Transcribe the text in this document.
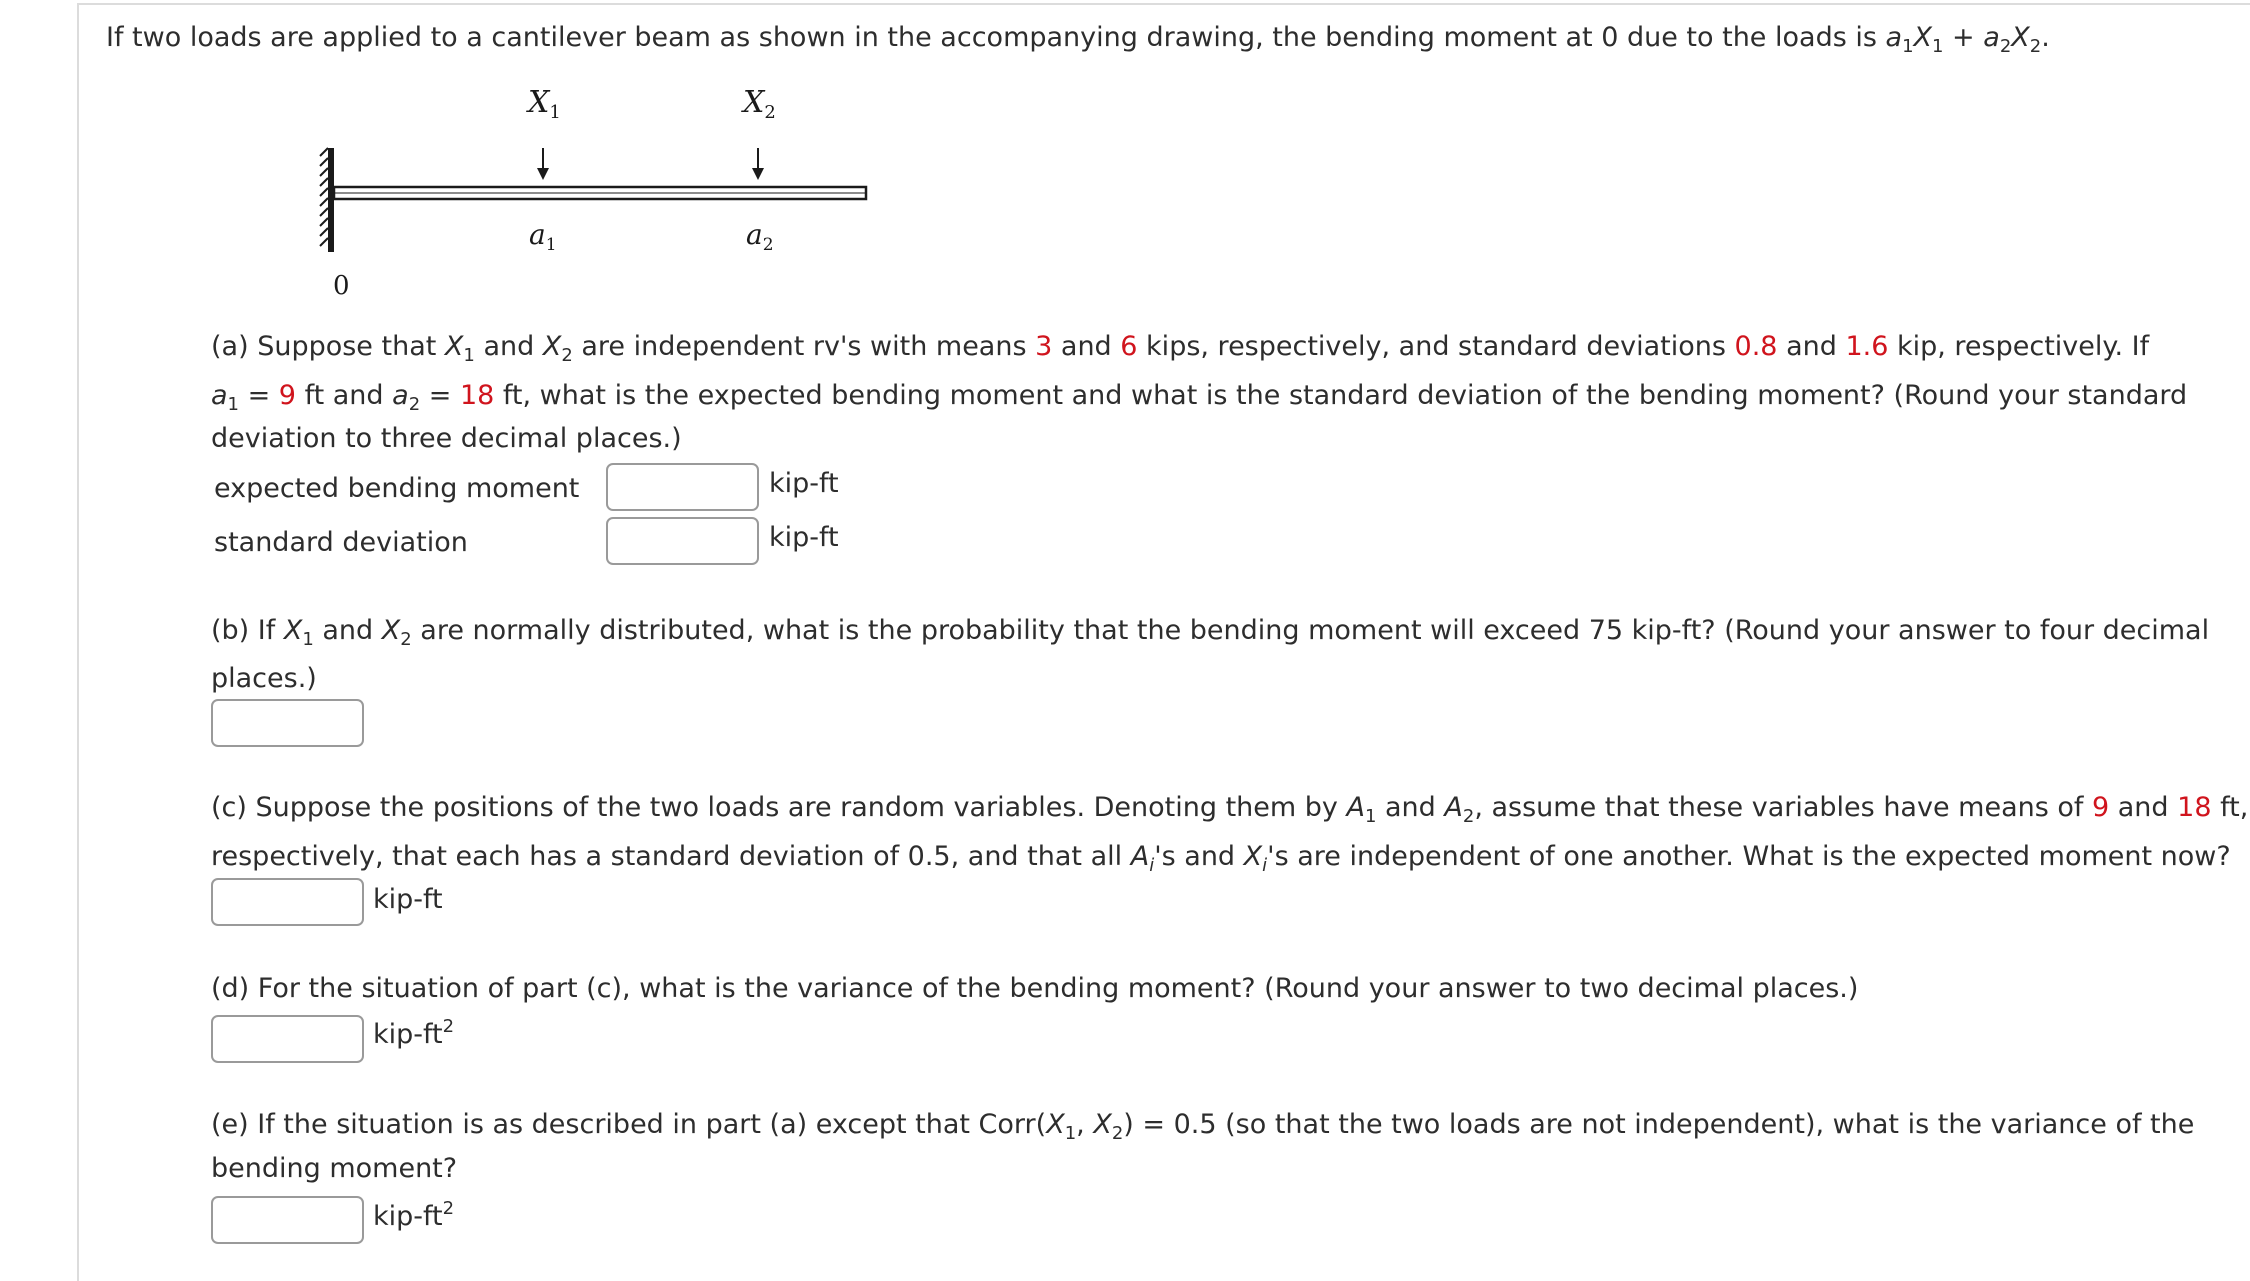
If two loads are applied to a cantilever beam as shown in the accompanying drawing, the bending moment at 0 due to the loads is $a_1X_1 + a_2X_2$.
$X_1$	$X_2$
$a_1$	$a_2$
0
(a) Suppose that $X_1$ and $X_2$ are independent rv's with means 3 and 6 kips, respectively, and standard deviations 0.8 and 1.6 kip, respectively. If
$a_1 = 9$ ft and $a_2 = 18$ ft, what is the expected bending moment and what is the standard deviation of the bending moment? (Round your standard
deviation to three decimal places.)
expected bending moment	kip-ft
standard deviation	kip-ft
(b) If $X_1$ and $X_2$ are normally distributed, what is the probability that the bending moment will exceed 75 kip-ft? (Round your answer to four decimal
places.)
(c) Suppose the positions of the two loads are random variables. Denoting them by $A_1$ and $A_2$, assume that these variables have means of 9 and 18 ft,
respectively, that each has a standard deviation of 0.5, and that all $A_i's$ and $X_i's$ are independent of one another. What is the expected moment now?
kip-ft
(d) For the situation of part (c), what is the variance of the bending moment? (Round your answer to two decimal places.)
kip-$ft^2$
(e) If the situation is as described in part (a) except that $Corr(X_1$, $X_2) = 0.5$ (so that the two loads are not independent), what is the variance of the
bending moment?
kip-$ft^2$
